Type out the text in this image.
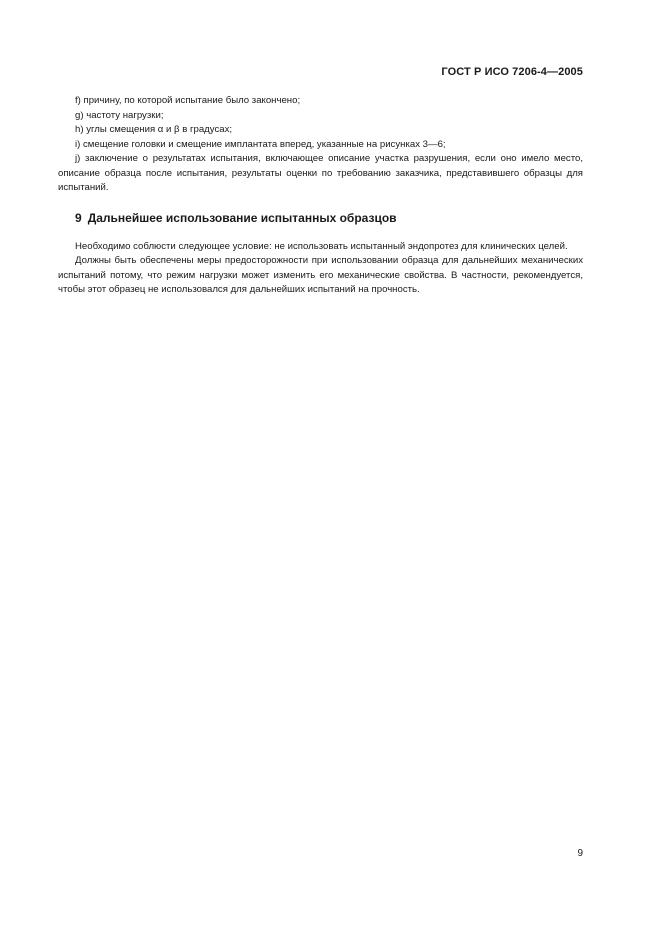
ГОСТ Р ИСО 7206-4—2005

f) причину, по которой испытание было закончено;

g) частоту нагрузки;

h) углы смещения α и β в градусах;

i) смещение головки и смещение имплантата вперед, указанные на рисунках 3—6;

j) заключение о результатах испытания, включающее описание участка разрушения, если оно имело место, описание образца после испытания, результаты оценки по требованию заказчика, представившего образцы для испытаний.

9 Дальнейшее использование испытанных образцов

Необходимо соблюсти следующее условие: не использовать испытанный эндопротез для клинических целей.

Должны быть обеспечены меры предосторожности при использовании образца для дальнейших механических испытаний потому, что режим нагрузки может изменить его механические свойства. В частности, рекомендуется, чтобы этот образец не использовался для дальнейших испытаний на прочность.

9
